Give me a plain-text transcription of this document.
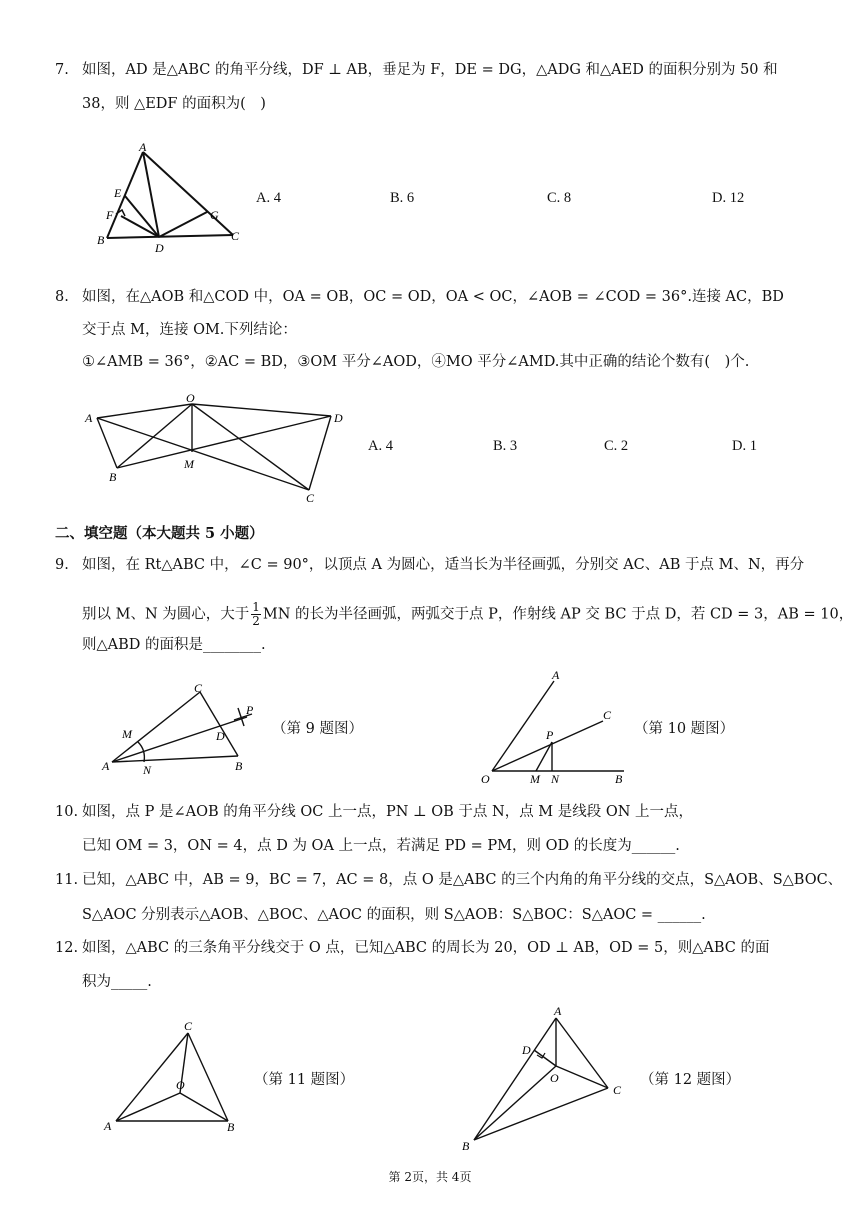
7. 如图，AD 是△ABC 的角平分线，DF ⊥ AB，垂足为 F，DE = DG，△ADG 和△AED 的面积分别为 50 和
38，则 △EDF 的面积为(　)
A
B	C
D
E
F	G
A. 4	B. 6	C. 8	D. 12
8. 如图，在△AOB 和△COD 中，OA = OB，OC = OD，OA < OC，∠AOB = ∠COD = 36°.连接 AC，BD
交于点 M，连接 OM.下列结论：
①∠AMB = 36°，②AC = BD，③OM 平分∠AOD，④MO 平分∠AMD.其中正确的结论个数有(　)个.
A
O
D
B
M
C
A. 4	B. 3	C. 2	D. 1
二、填空题（本大题共 5 小题）
9. 如图，在 Rt△ABC 中，∠C = 90°，以顶点 A 为圆心，适当长为半径画弧，分别交 AC、AB 于点 M、N，再分
别以 M、N 为圆心，大于 $\frac{1}{2}$ MN 的长为半径画弧，两弧交于点 P，作射线 AP 交 BC 于点 D，若 CD = 3，AB = 10，
则△ABD 的面积是________.
C
M
A	N
D
B
P
（第 9 题图）
A
C
P
O	M N	B
（第 10 题图）
10. 如图，点 P 是∠AOB 的角平分线 OC 上一点，PN ⊥ OB 于点 N，点 M 是线段 ON 上一点，
已知 OM = 3，ON = 4，点 D 为 OA 上一点，若满足 PD = PM，则 OD 的长度为______.
11. 已知，△ABC 中，AB = 9，BC = 7，AC = 8，点 O 是△ABC 的三个内角的角平分线的交点，S△AOB、S△BOC、
S△AOC 分别表示△AOB、△BOC、△AOC 的面积，则 S△AOB：S△BOC：S△AOC = ______.
12. 如图，△ABC 的三条角平分线交于 O 点，已知△ABC 的周长为 20，OD ⊥ AB，OD = 5，则△ABC 的面
积为_____.
C
O
A	B
（第 11 题图）
A
D
O
C
B
（第 12 题图）
第 2页，共 4页
